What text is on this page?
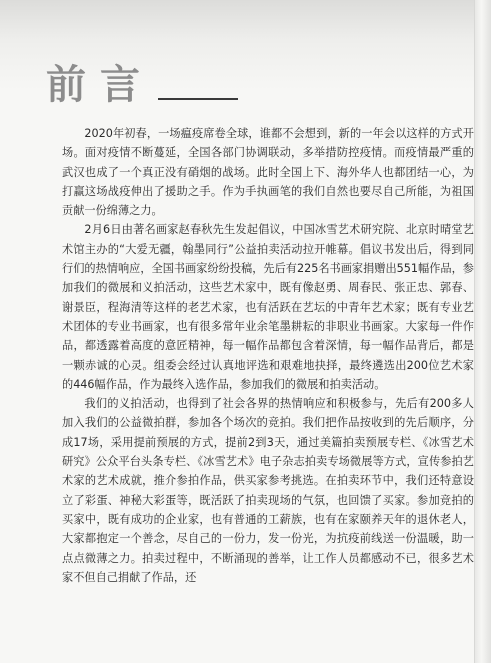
前言

2020年初春，一场瘟疫席卷全球，谁都不会想到，新的一年会以这样的方式开场。面对疫情不断蔓延，全国各部门协调联动，多举措防控疫情。而疫情最严重的武汉也成了一个真正没有硝烟的战场。此时全国上下、海外华人也都团结一心，为打赢这场战疫伸出了援助之手。作为手执画笔的我们自然也要尽自己所能，为祖国贡献一份绵薄之力。

2月6日由著名画家赵春秋先生发起倡议，中国冰雪艺术研究院、北京时晴堂艺术馆主办的“大爱无疆，翰墨同行”公益拍卖活动拉开帷幕。倡议书发出后，得到同行们的热情响应，全国书画家纷纷投稿，先后有225名书画家捐赠出551幅作品，参加我们的微展和义拍活动，这些艺术家中，既有像赵勇、周春民、张正忠、郭春、谢景臣，程海清等这样的老艺术家，也有活跃在艺坛的中青年艺术家；既有专业艺术团体的专业书画家，也有很多常年业余笔墨耕耘的非职业书画家。大家每一件作品，都透露着高度的意匠精神，每一幅作品都包含着深情，每一幅作品背后，都是一颗赤诚的心灵。组委会经过认真地评选和艰难地抉择，最终遴选出200位艺术家的446幅作品，作为最终入选作品，参加我们的微展和拍卖活动。

我们的义拍活动，也得到了社会各界的热情响应和积极参与，先后有200多人加入我们的公益微拍群，参加各个场次的竞拍。我们把作品按收到的先后顺序，分成17场，采用提前预展的方式，提前2到3天，通过美篇拍卖预展专栏、《冰雪艺术研究》公众平台头条专栏、《冰雪艺术》电子杂志拍卖专场微展等方式，宣传参拍艺术家的艺术成就，推介参拍作品，供买家参考挑选。在拍卖环节中，我们还特意设立了彩蛋、神秘大彩蛋等，既活跃了拍卖现场的气氛，也回馈了买家。参加竞拍的买家中，既有成功的企业家，也有普通的工薪族，也有在家颐养天年的退休老人，大家都抱定一个善念，尽自己的一份力，发一份光，为抗疫前线送一份温暖，助一点点微薄之力。拍卖过程中，不断涌现的善举，让工作人员都感动不已，很多艺术家不但自己捐献了作品，还
